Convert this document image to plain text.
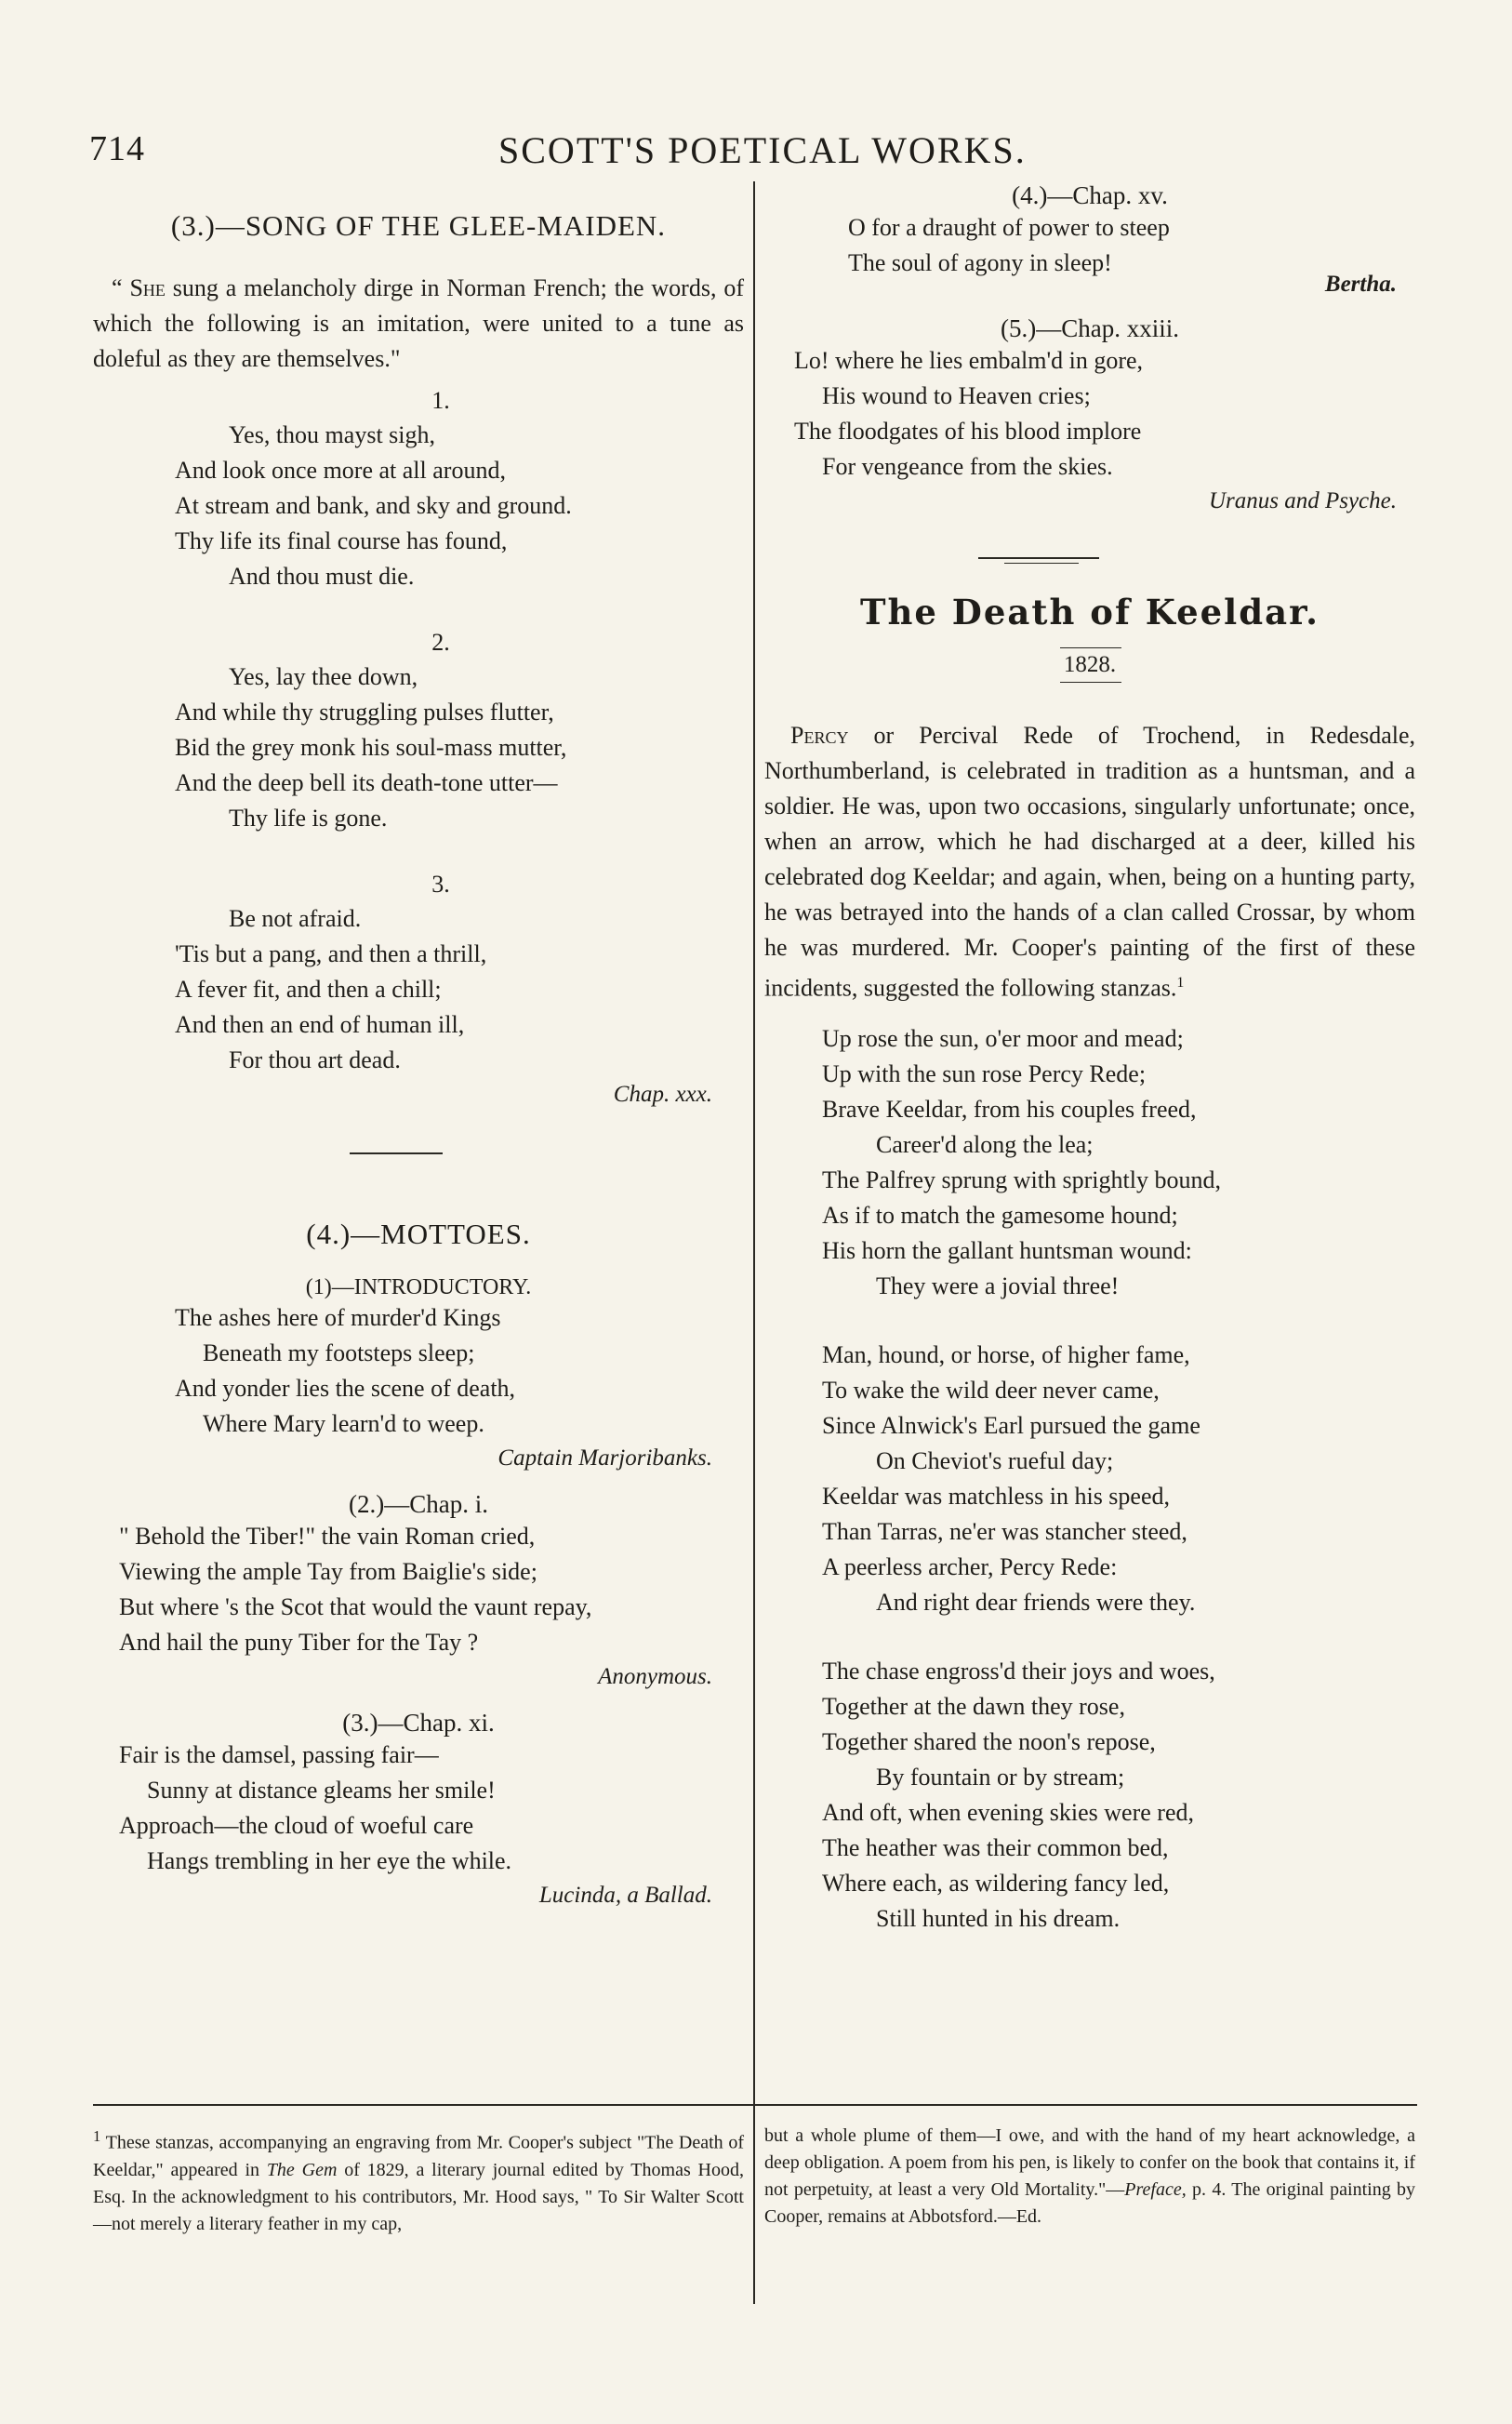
714	SCOTT'S POETICAL WORKS.

(3.)—SONG OF THE GLEE-MAIDEN.

“ She sung a melancholy dirge in Norman French; the words, of which the following is an imitation, were united to a tune as doleful as they are themselves."

1.

Yes, thou mayst sigh,

And look once more at all around,

At stream and bank, and sky and ground.

Thy life its final course has found,

And thou must die.

2.

Yes, lay thee down,

And while thy struggling pulses flutter,

Bid the grey monk his soul-mass mutter,

And the deep bell its death-tone utter—

Thy life is gone.

3.

Be not afraid.

'Tis but a pang, and then a thrill,

A fever fit, and then a chill;

And then an end of human ill,

For thou art dead.

Chap. xxx.

(4.)—MOTTOES.

(1)—INTRODUCTORY.

The ashes here of murder'd Kings

Beneath my footsteps sleep;

And yonder lies the scene of death,

Where Mary learn'd to weep.

Captain Marjoribanks.

(2.)—Chap. i.

" Behold the Tiber!" the vain Roman cried,

Viewing the ample Tay from Baiglie's side;

But where 's the Scot that would the vaunt repay,

And hail the puny Tiber for the Tay ?

Anonymous.

(3.)—Chap. xi.

Fair is the damsel, passing fair—

Sunny at distance gleams her smile!

Approach—the cloud of woeful care

Hangs trembling in her eye the while.

Lucinda, a Ballad.

(4.)—Chap. xv.

O for a draught of power to steep

The soul of agony in sleep!

Bertha.

(5.)—Chap. xxiii.

Lo! where he lies embalm'd in gore,

His wound to Heaven cries;

The floodgates of his blood implore

For vengeance from the skies.

Uranus and Psyche.

The Death of Keeldar.

1828.

Percy or Percival Rede of Trochend, in Redesdale, Northumberland, is celebrated in tradition as a huntsman, and a soldier. He was, upon two occasions, singularly unfortunate; once, when an arrow, which he had discharged at a deer, killed his celebrated dog Keeldar; and again, when, being on a hunting party, he was betrayed into the hands of a clan called Crossar, by whom he was murdered. Mr. Cooper's painting of the first of these incidents, suggested the following stanzas.$^1$

Up rose the sun, o'er moor and mead;

Up with the sun rose Percy Rede;

Brave Keeldar, from his couples freed,

Career'd along the lea;

The Palfrey sprung with sprightly bound,

As if to match the gamesome hound;

His horn the gallant huntsman wound:

They were a jovial three!

Man, hound, or horse, of higher fame,

To wake the wild deer never came,

Since Alnwick's Earl pursued the game

On Cheviot's rueful day;

Keeldar was matchless in his speed,

Than Tarras, ne'er was stancher steed,

A peerless archer, Percy Rede:

And right dear friends were they.

The chase engross'd their joys and woes,

Together at the dawn they rose,

Together shared the noon's repose,

By fountain or by stream;

And oft, when evening skies were red,

The heather was their common bed,

Where each, as wildering fancy led,

Still hunted in his dream.

$^1$ These stanzas, accompanying an engraving from Mr. Cooper's subject "The Death of Keeldar," appeared in The Gem of 1829, a literary journal edited by Thomas Hood, Esq. In the acknowledgment to his contributors, Mr. Hood says, " To Sir Walter Scott—not merely a literary feather in my cap,
but a whole plume of them—I owe, and with the hand of my heart acknowledge, a deep obligation. A poem from his pen, is likely to confer on the book that contains it, if not perpetuity, at least a very Old Mortality."—Preface, p. 4. The original painting by Cooper, remains at Abbotsford.—Ed.
